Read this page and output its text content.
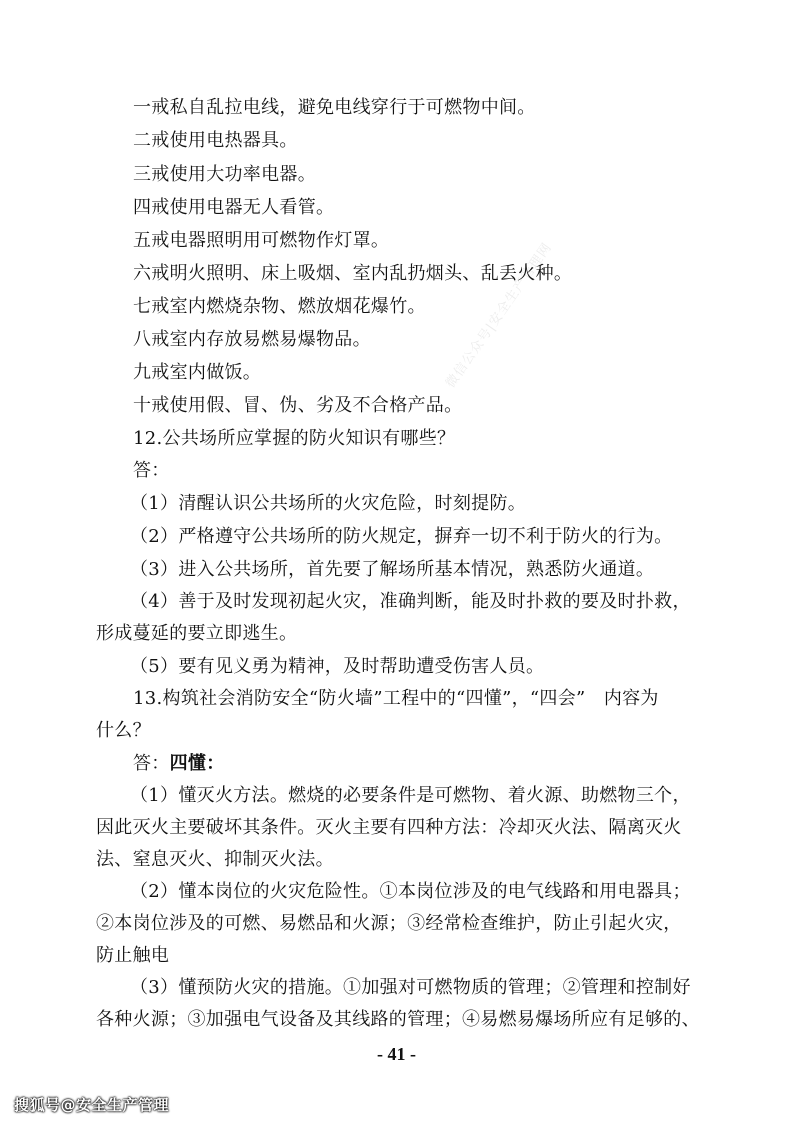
微信公众号|安全生产管理网
一戒私自乱拉电线，避免电线穿行于可燃物中间。
二戒使用电热器具。
三戒使用大功率电器。
四戒使用电器无人看管。
五戒电器照明用可燃物作灯罩。
六戒明火照明、床上吸烟、室内乱扔烟头、乱丢火种。
七戒室内燃烧杂物、燃放烟花爆竹。
八戒室内存放易燃易爆物品。
九戒室内做饭。
十戒使用假、冒、伪、劣及不合格产品。
12.公共场所应掌握的防火知识有哪些？
答：
（1）清醒认识公共场所的火灾危险，时刻提防。
（2）严格遵守公共场所的防火规定，摒弃一切不利于防火的行为。
（3）进入公共场所，首先要了解场所基本情况，熟悉防火通道。
（4）善于及时发现初起火灾，准确判断，能及时扑救的要及时扑救，
形成蔓延的要立即逃生。
（5）要有见义勇为精神，及时帮助遭受伤害人员。
13.构筑社会消防安全“防火墙”工程中的“四懂”，“四会”　内容为
什么？
答：四懂：
（1）懂灭火方法。燃烧的必要条件是可燃物、着火源、助燃物三个，
因此灭火主要破坏其条件。灭火主要有四种方法：冷却灭火法、隔离灭火
法、窒息灭火、抑制灭火法。
（2）懂本岗位的火灾危险性。①本岗位涉及的电气线路和用电器具；
②本岗位涉及的可燃、易燃品和火源；③经常检查维护，防止引起火灾，
防止触电
（3）懂预防火灾的措施。①加强对可燃物质的管理；②管理和控制好
各种火源；③加强电气设备及其线路的管理；④易燃易爆场所应有足够的、
- 41 -
搜狐号@安全生产管理
